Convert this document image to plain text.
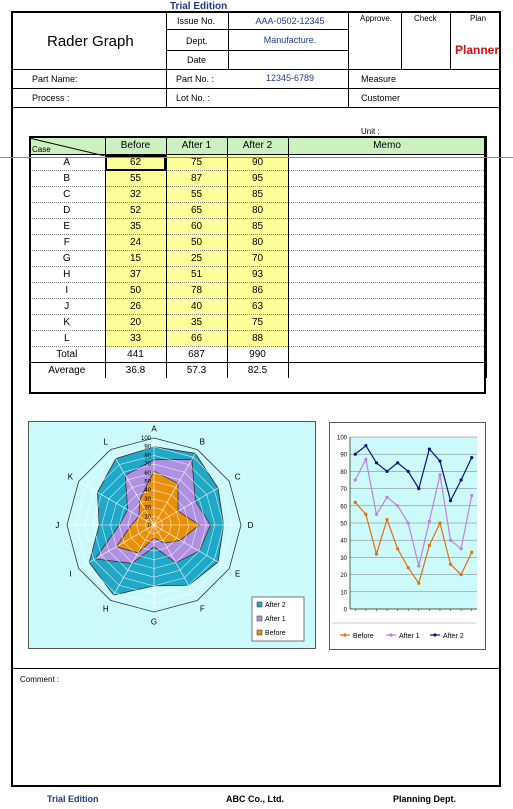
Trial Edition
Rader Graph
Issue No.	AAA-0502-12345
Dept.	Manufacture.
Date
Approve.	Check	Plan
Planner
Part Name:	Part No. :	12345-6789	Measure
Process :	Lot No. :	Customer
Unit :
Case	Before	After 1	After 2	Memo
A	62	75	90	
B	55	87	95	
C	32	55	85	
D	52	65	80	
E	35	60	85	
F	24	50	80	
G	15	25	70	
H	37	51	93	
I	50	78	86	
J	26	40	63	
K	20	35	75	
L	33	66	88	
Total	441	687	990	
Average	36.8	57.3	82.5	
A
B
C
D
E
F
G
H
I
J
K
L
0
10
20
30
40
50
60
70
80
90
100
After 2
After 1
Before
0
10
20
30
40
50
60
70
80
90
100
Before	After 1	After 2
Comment :
Trial Edition	ABC Co., Ltd.	Planning Dept.
